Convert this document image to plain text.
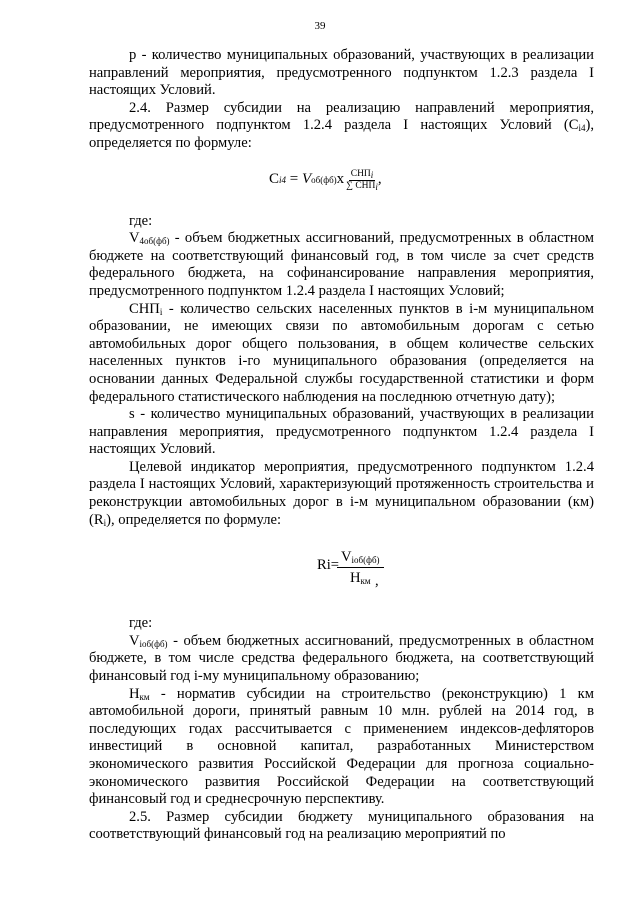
39

р - количество муниципальных образований, участвующих в реализации направлений мероприятия, предусмотренного подпунктом 1.2.3 раздела I настоящих Условий.

2.4. Размер субсидии на реализацию направлений мероприятия, предусмотренного подпунктом 1.2.4 раздела I настоящих Условий $(С_{i4})$, определяется по формуле:

C i4 = V об(фб) x $\frac{СНП_i}{\sum СНП_i}$ ,

где:

$V_{4об(фб)}$ - объем бюджетных ассигнований, предусмотренных в областном бюджете на соответствующий финансовый год, в том числе за счет средств федерального бюджета, на софинансирование направления мероприятия, предусмотренного подпунктом 1.2.4 раздела I настоящих Условий;

$СНП_i$ - количество сельских населенных пунктов в i-м муниципальном образовании, не имеющих связи по автомобильным дорогам с сетью автомобильных дорог общего пользования, в общем количестве сельских населенных пунктов i-го муниципального образования (определяется на основании данных Федеральной службы государственной статистики и форм федерального статистического наблюдения на последнюю отчетную дату);

s - количество муниципальных образований, участвующих в реализации направления мероприятия, предусмотренного подпунктом 1.2.4 раздела I настоящих Условий.

Целевой индикатор мероприятия, предусмотренного подпунктом 1.2.4 раздела I настоящих Условий, характеризующий протяженность строительства и реконструкции автомобильных дорог в i-м муниципальном образовании (км) $(R_i)$, определяется по формуле:

$Ri= V_{iоб(фб)}$
$Н_{км}$ ,

где:

$V_{iоб(фб)}$ - объем бюджетных ассигнований, предусмотренных в областном бюджете, в том числе средства федерального бюджета, на соответствующий финансовый год i-му муниципальному образованию;

$Н_{км}$ - норматив субсидии на строительство (реконструкцию) 1 км автомобильной дороги, принятый равным 10 млн. рублей на 2014 год, в последующих годах рассчитывается с применением индексов-дефляторов инвестиций в основной капитал, разработанных Министерством экономического развития Российской Федерации для прогноза социально-экономического развития Российской Федерации на соответствующий финансовый год и среднесрочную перспективу.

2.5. Размер субсидии бюджету муниципального образования на соответствующий финансовый год на реализацию мероприятий по
